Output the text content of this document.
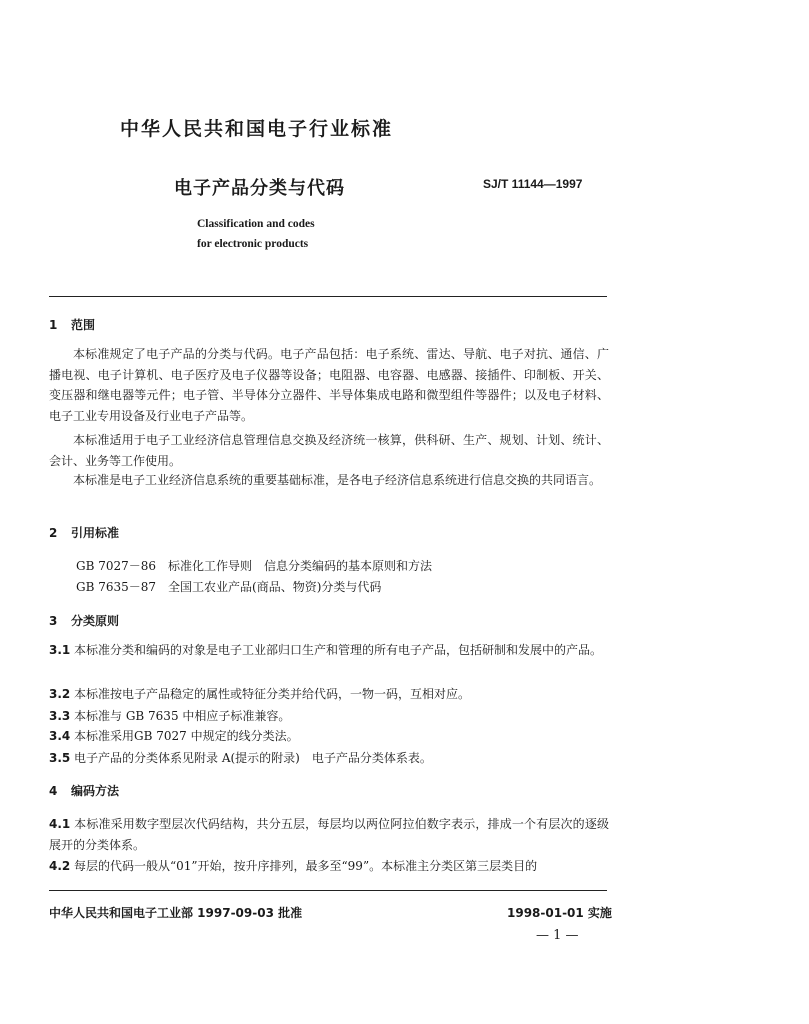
中华人民共和国电子行业标准
电子产品分类与代码	SJ/T 11144—1997
Classification and codes
for electronic products
1 范围
本标准规定了电子产品的分类与代码。电子产品包括：电子系统、雷达、导航、电子对抗、通信、广播电视、电子计算机、电子医疗及电子仪器等设备；电阻器、电容器、电感器、接插件、印制板、开关、变压器和继电器等元件；电子管、半导体分立器件、半导体集成电路和微型组件等器件；以及电子材料、电子工业专用设备及行业电子产品等。
本标准适用于电子工业经济信息管理信息交换及经济统一核算，供科研、生产、规划、计划、统计、会计、业务等工作使用。
本标准是电子工业经济信息系统的重要基础标准，是各电子经济信息系统进行信息交换的共同语言。
2 引用标准
GB 7027－86　标准化工作导则　信息分类编码的基本原则和方法
GB 7635－87　全国工农业产品(商品、物资)分类与代码
3 分类原则
3.1 本标准分类和编码的对象是电子工业部归口生产和管理的所有电子产品，包括研制和发展中的产品。
3.2 本标准按电子产品稳定的属性或特征分类并给代码，一物一码，互相对应。
3.3 本标准与 GB 7635 中相应子标准兼容。
3.4 本标准采用GB 7027 中规定的线分类法。
3.5 电子产品的分类体系见附录 A(提示的附录)　电子产品分类体系表。
4 编码方法
4.1 本标准采用数字型层次代码结构，共分五层，每层均以两位阿拉伯数字表示，排成一个有层次的逐级展开的分类体系。
4.2 每层的代码一般从“01”开始，按升序排列，最多至“99”。本标准主分类区第三层类目的
中华人民共和国电子工业部 1997-09-03 批准	1998-01-01 实施
— 1 —
